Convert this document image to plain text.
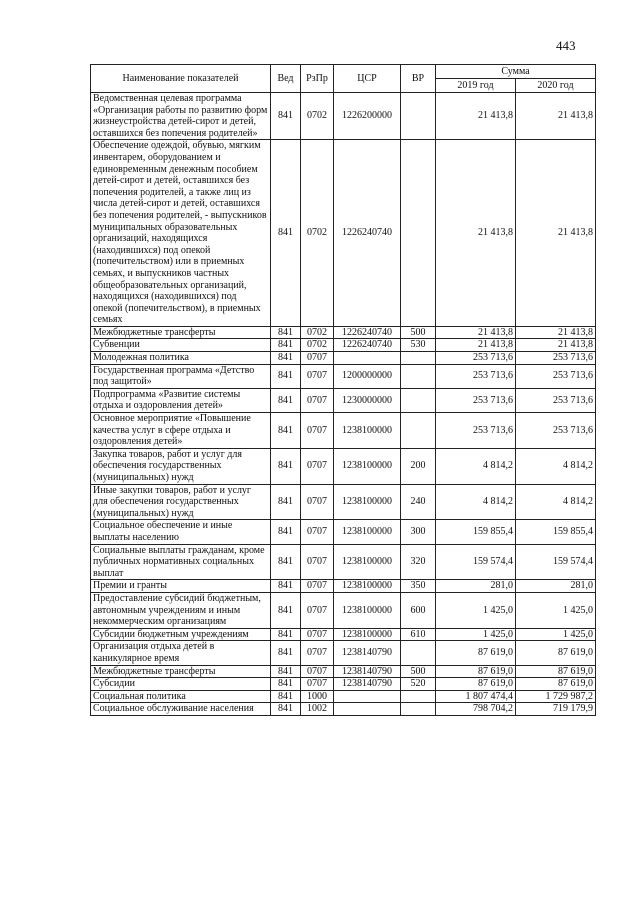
443
Наименование показателей	Вед	РзПр	ЦСР	ВР	Сумма	
					2019 год	2020 год
Ведомственная целевая программа «Организация работы по развитию форм жизнеустройства детей-сирот и детей, оставшихся без попечения родителей»	841	0702	1226200000		21 413,8	21 413,8
Обеспечение одеждой, обувью, мягким инвентарем, оборудованием и единовременным денежным пособием детей-сирот и детей, оставшихся без попечения родителей, а также лиц из числа детей-сирот и детей, оставшихся без попечения родителей, - выпускников муниципальных образовательных организаций, находящихся (находившихся) под опекой (попечительством) или в приемных семьях, и выпускников частных общеобразовательных организаций, находящихся (находившихся) под опекой (попечительством), в приемных семьях	841	0702	1226240740		21 413,8	21 413,8
Межбюджетные трансферты	841	0702	1226240740	500	21 413,8	21 413,8
Субвенции	841	0702	1226240740	530	21 413,8	21 413,8
Молодежная политика	841	0707			253 713,6	253 713,6
Государственная программа «Детство под защитой»	841	0707	1200000000		253 713,6	253 713,6
Подпрограмма «Развитие системы отдыха и оздоровления детей»	841	0707	1230000000		253 713,6	253 713,6
Основное мероприятие «Повышение качества услуг в сфере отдыха и оздоровления детей»	841	0707	1238100000		253 713,6	253 713,6
Закупка товаров, работ и услуг для обеспечения государственных (муниципальных) нужд	841	0707	1238100000	200	4 814,2	4 814,2
Иные закупки товаров, работ и услуг для обеспечения государственных (муниципальных) нужд	841	0707	1238100000	240	4 814,2	4 814,2
Социальное обеспечение и иные выплаты населению	841	0707	1238100000	300	159 855,4	159 855,4
Социальные выплаты гражданам, кроме публичных нормативных социальных выплат	841	0707	1238100000	320	159 574,4	159 574,4
Премии и гранты	841	0707	1238100000	350	281,0	281,0
Предоставление субсидий бюджетным, автономным учреждениям и иным некоммерческим организациям	841	0707	1238100000	600	1 425,0	1 425,0
Субсидии бюджетным учреждениям	841	0707	1238100000	610	1 425,0	1 425,0
Организация отдыха детей в каникулярное время	841	0707	1238140790		87 619,0	87 619,0
Межбюджетные трансферты	841	0707	1238140790	500	87 619,0	87 619,0
Субсидии	841	0707	1238140790	520	87 619,0	87 619,0
Социальная политика	841	1000			1 807 474,4	1 729 987,2
Социальное обслуживание населения	841	1002			798 704,2	719 179,9
